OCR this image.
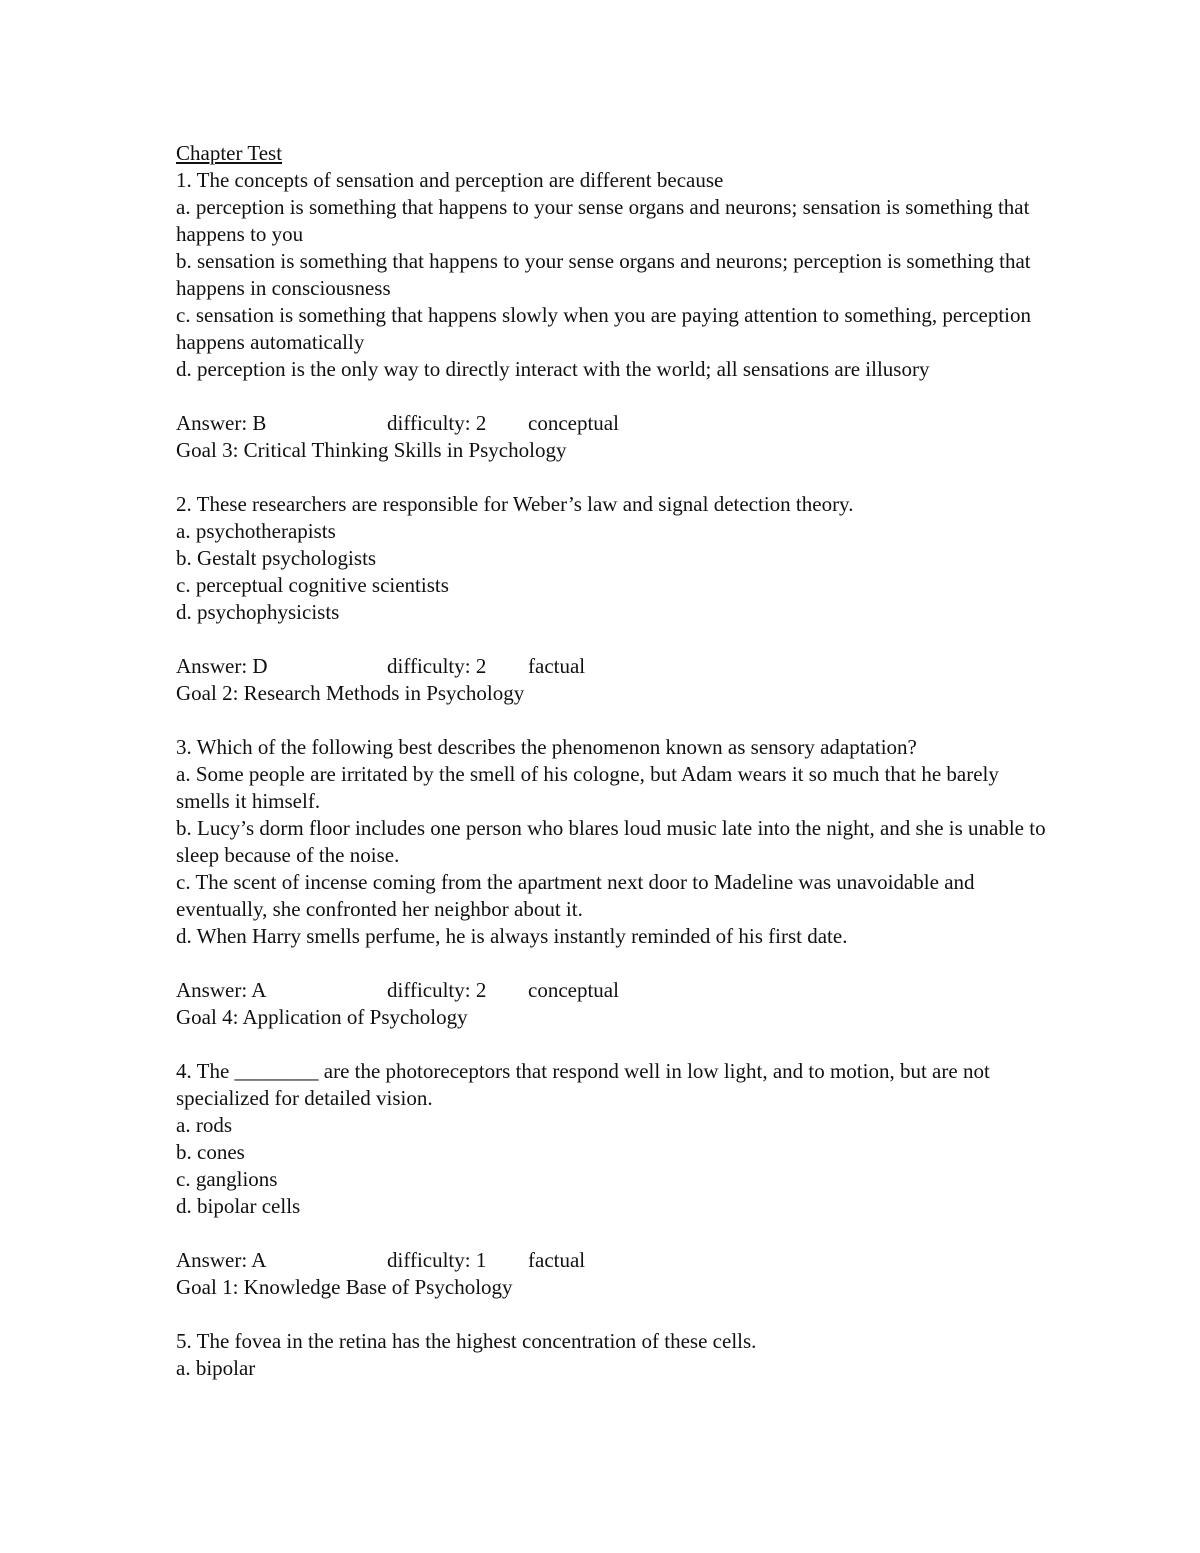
Chapter Test
1. The concepts of sensation and perception are different because
a. perception is something that happens to your sense organs and neurons; sensation is something that happens to you
b. sensation is something that happens to your sense organs and neurons; perception is something that happens in consciousness
c. sensation is something that happens slowly when you are paying attention to something, perception happens automatically
d. perception is the only way to directly interact with the world; all sensations are illusory
Answer: B	difficulty: 2 conceptual
Goal 3: Critical Thinking Skills in Psychology
2. These researchers are responsible for Weber’s law and signal detection theory.
a. psychotherapists
b. Gestalt psychologists
c. perceptual cognitive scientists
d. psychophysicists
Answer: D	difficulty: 2 factual
Goal 2: Research Methods in Psychology
3. Which of the following best describes the phenomenon known as sensory adaptation?
a. Some people are irritated by the smell of his cologne, but Adam wears it so much that he barely smells it himself.
b. Lucy’s dorm floor includes one person who blares loud music late into the night, and she is unable to sleep because of the noise.
c. The scent of incense coming from the apartment next door to Madeline was unavoidable and eventually, she confronted her neighbor about it.
d. When Harry smells perfume, he is always instantly reminded of his first date.
Answer: A	difficulty: 2 conceptual
Goal 4: Application of Psychology
4. The ________ are the photoreceptors that respond well in low light, and to motion, but are not specialized for detailed vision.
a. rods
b. cones
c. ganglions
d. bipolar cells
Answer: A	difficulty: 1 factual
Goal 1: Knowledge Base of Psychology
5. The fovea in the retina has the highest concentration of these cells.
a. bipolar
